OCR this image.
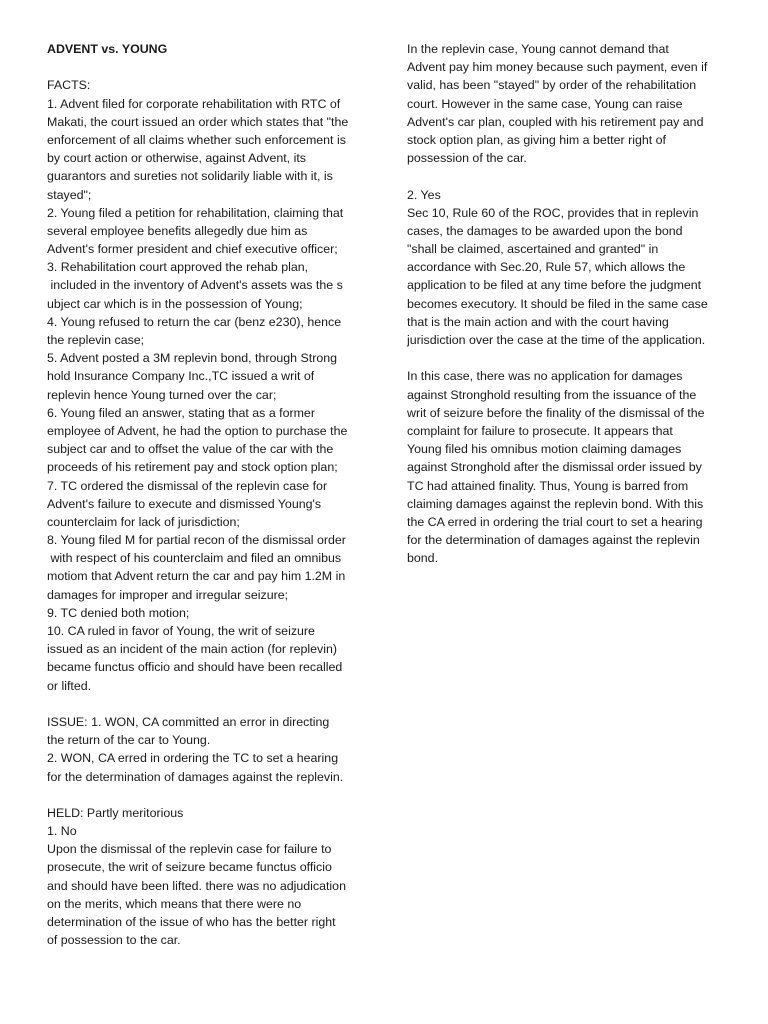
ADVENT vs. YOUNG
FACTS:
1. Advent filed for corporate rehabilitation with RTC of
Makati, the court issued an order which states that "the
enforcement of all claims whether such enforcement is
by court action or otherwise, against Advent, its
guarantors and sureties not solidarily liable with it, is
stayed";
2. Young filed a petition for rehabilitation, claiming that
several employee benefits allegedly due him as
Advent's former president and chief executive officer;
3. Rehabilitation court approved the rehab plan,
included in the inventory of Advent's assets was the s
ubject car which is in the possession of Young;
4. Young refused to return the car (benz e230), hence
the replevin case;
5. Advent posted a 3M replevin bond, through Strong
hold Insurance Company Inc.,TC issued a writ of
replevin hence Young turned over the car;
6. Young filed an answer, stating that as a former
employee of Advent, he had the option to purchase the
subject car and to offset the value of the car with the
proceeds of his retirement pay and stock option plan;
7. TC ordered the dismissal of the replevin case for
Advent's failure to execute and dismissed Young's
counterclaim for lack of jurisdiction;
8. Young filed M for partial recon of the dismissal order
with respect of his counterclaim and filed an omnibus
motiom that Advent return the car and pay him 1.2M in
damages for improper and irregular seizure;
9. TC denied both motion;
10. CA ruled in favor of Young, the writ of seizure
issued as an incident of the main action (for replevin)
became functus officio and should have been recalled
or lifted.
ISSUE: 1. WON, CA committed an error in directing
the return of the car to Young.
2. WON, CA erred in ordering the TC to set a hearing
for the determination of damages against the replevin.
HELD: Partly meritorious
1. No
Upon the dismissal of the replevin case for failure to
prosecute, the writ of seizure became functus officio
and should have been lifted. there was no adjudication
on the merits, which means that there were no
determination of the issue of who has the better right
of possession to the car.
In the replevin case, Young cannot demand that
Advent pay him money because such payment, even if
valid, has been "stayed" by order of the rehabilitation
court. However in the same case, Young can raise
Advent's car plan, coupled with his retirement pay and
stock option plan, as giving him a better right of
possession of the car.
2. Yes
Sec 10, Rule 60 of the ROC, provides that in replevin
cases, the damages to be awarded upon the bond
"shall be claimed, ascertained and granted" in
accordance with Sec.20, Rule 57, which allows the
application to be filed at any time before the judgment
becomes executory. It should be filed in the same case
that is the main action and with the court having
jurisdiction over the case at the time of the application.
In this case, there was no application for damages
against Stronghold resulting from the issuance of the
writ of seizure before the finality of the dismissal of the
complaint for failure to prosecute. It appears that
Young filed his omnibus motion claiming damages
against Stronghold after the dismissal order issued by
TC had attained finality. Thus, Young is barred from
claiming damages against the replevin bond. With this
the CA erred in ordering the trial court to set a hearing
for the determination of damages against the replevin
bond.
